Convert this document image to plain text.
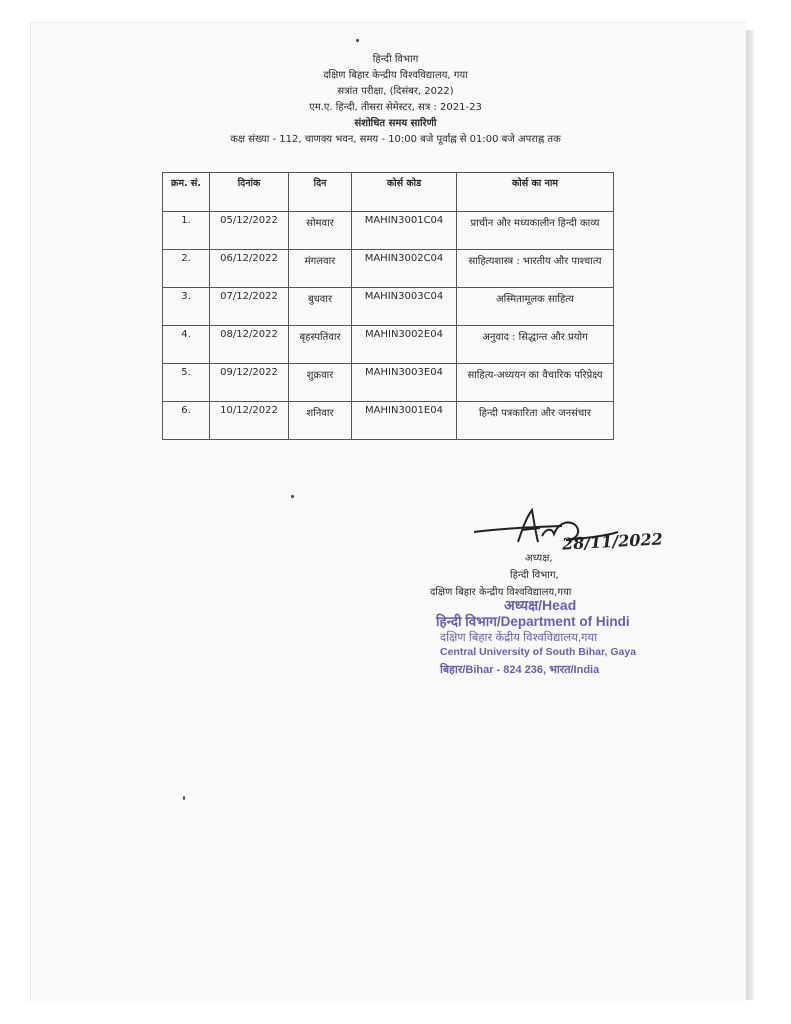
हिन्दी विभाग
दक्षिण बिहार केन्द्रीय विश्वविद्यालय, गया
सत्रांत परीक्षा, (दिसंबर, 2022)
एम.ए. हिन्दी, तीसरा सेमेस्टर, सत्र : 2021-23
संशोधित समय सारिणी
कक्ष संख्या - 112, चाणक्य भवन, समय - 10:00 बजे पूर्वाह्न से 01:00 बजे अपराह्न तक
क्रम. सं.	दिनांक	दिन	कोर्स कोड	कोर्स का नाम
1.	05/12/2022	सोमवार	MAHIN3001C04	प्राचीन और मध्यकालीन हिन्दी काव्य
2.	06/12/2022	मंगलवार	MAHIN3002C04	साहित्यशास्त्र : भारतीय और पाश्चात्य
3.	07/12/2022	बुधवार	MAHIN3003C04	अस्मितामूलक साहित्य
4.	08/12/2022	बृहस्पतिवार	MAHIN3002E04	अनुवाद : सिद्धान्त और प्रयोग
5.	09/12/2022	शुक्रवार	MAHIN3003E04	साहित्य-अध्ययन का वैचारिक परिप्रेक्ष्य
6.	10/12/2022	शनिवार	MAHIN3001E04	हिन्दी पत्रकारिता और जनसंचार
28/11/2022
अध्यक्ष,
हिन्दी विभाग,
दक्षिण बिहार केन्द्रीय विश्वविद्यालय,गया
अध्यक्ष/Head
हिन्दी विभाग/Department of Hindi
दक्षिण बिहार केंद्रीय विश्वविद्यालय,गया
Central University of South Bihar, Gaya
बिहार/Bihar - 824 236, भारत/India
